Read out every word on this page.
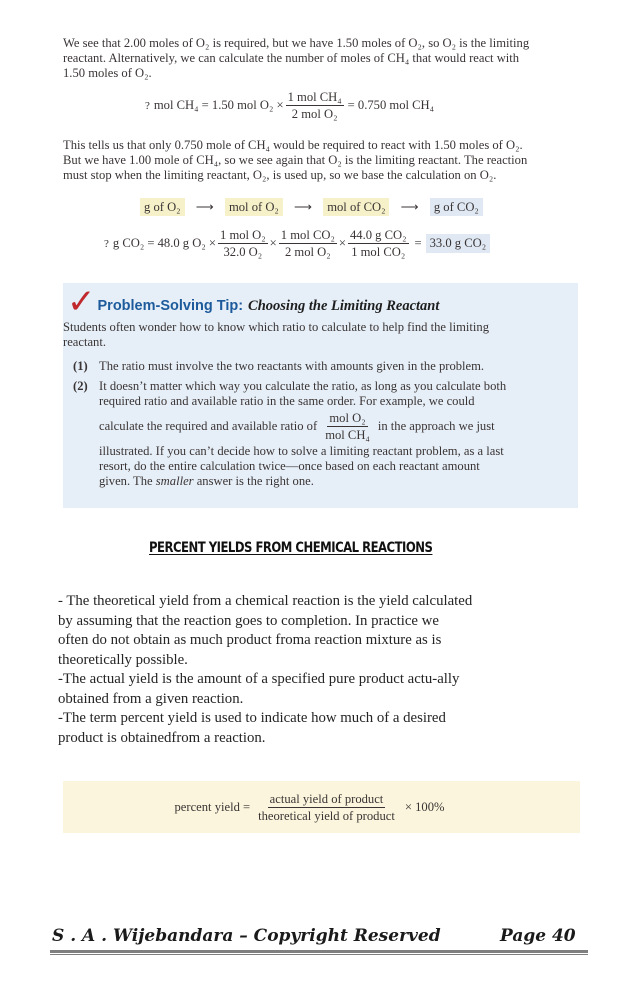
We see that 2.00 moles of O₂ is required, but we have 1.50 moles of O₂, so O₂ is the limiting
reactant. Alternatively, we can calculate the number of moles of CH₄ that would react with
1.50 moles of O₂.
? mol CH₄ = 1.50 mol $O_2 \times \frac{\text{1 mol CH₄}}{\text{2 mol O₂}} = 0.750$ mol CH₄
This tells us that only 0.750 mole of CH₄ would be required to react with 1.50 moles of O₂.
But we have 1.00 mole of CH₄, so we see again that O₂ is the limiting reactant. The reaction
must stop when the limiting reactant, O₂, is used up, so we base the calculation on O₂.
g of O₂ ⟶ mol of O₂ ⟶ mol of CO₂ ⟶ g of CO₂
? g CO₂ = 48.0 g $O_2 \times \frac{\text{1 mol O₂}}{\text{32.0 O₂}} \times \frac{\text{1 mol CO₂}}{\text{2 mol O₂}} \times \frac{\text{44.0 g CO₂}}{\text{1 mol CO₂}} = 33.0$ g CO₂
✓ Problem-Solving Tip: Choosing the Limiting Reactant
Students often wonder how to know which ratio to calculate to help find the limiting
reactant.
(1) The ratio must involve the two reactants with amounts given in the problem.
(2) It doesn’t matter which way you calculate the ratio, as long as you calculate both
required ratio and available ratio in the same order. For example, we could
calculate the required and available ratio of $\frac{\text{mol O₂}}{\text{mol CH₄}}$ in the approach we just
illustrated. If you can’t decide how to solve a limiting reactant problem, as a last
resort, do the entire calculation twice—once based on each reactant amount
given. The smaller answer is the right one.
PERCENT YIELDS FROM CHEMICAL REACTIONS
- The theoretical yield from a chemical reaction is the yield calculated
by assuming that the reaction goes to completion. In practice we
often do not obtain as much product froma reaction mixture as is
theoretically possible.
-The actual yield is the amount of a specified pure product actu-ally
obtained from a given reaction.
-The term percent yield is used to indicate how much of a desired
product is obtainedfrom a reaction.
percent yield = $\frac{\text{actual yield of product}}{\text{theoretical yield of product}} \times 100\%$
S . A . Wijebandara – Copyright Reserved	Page 40
